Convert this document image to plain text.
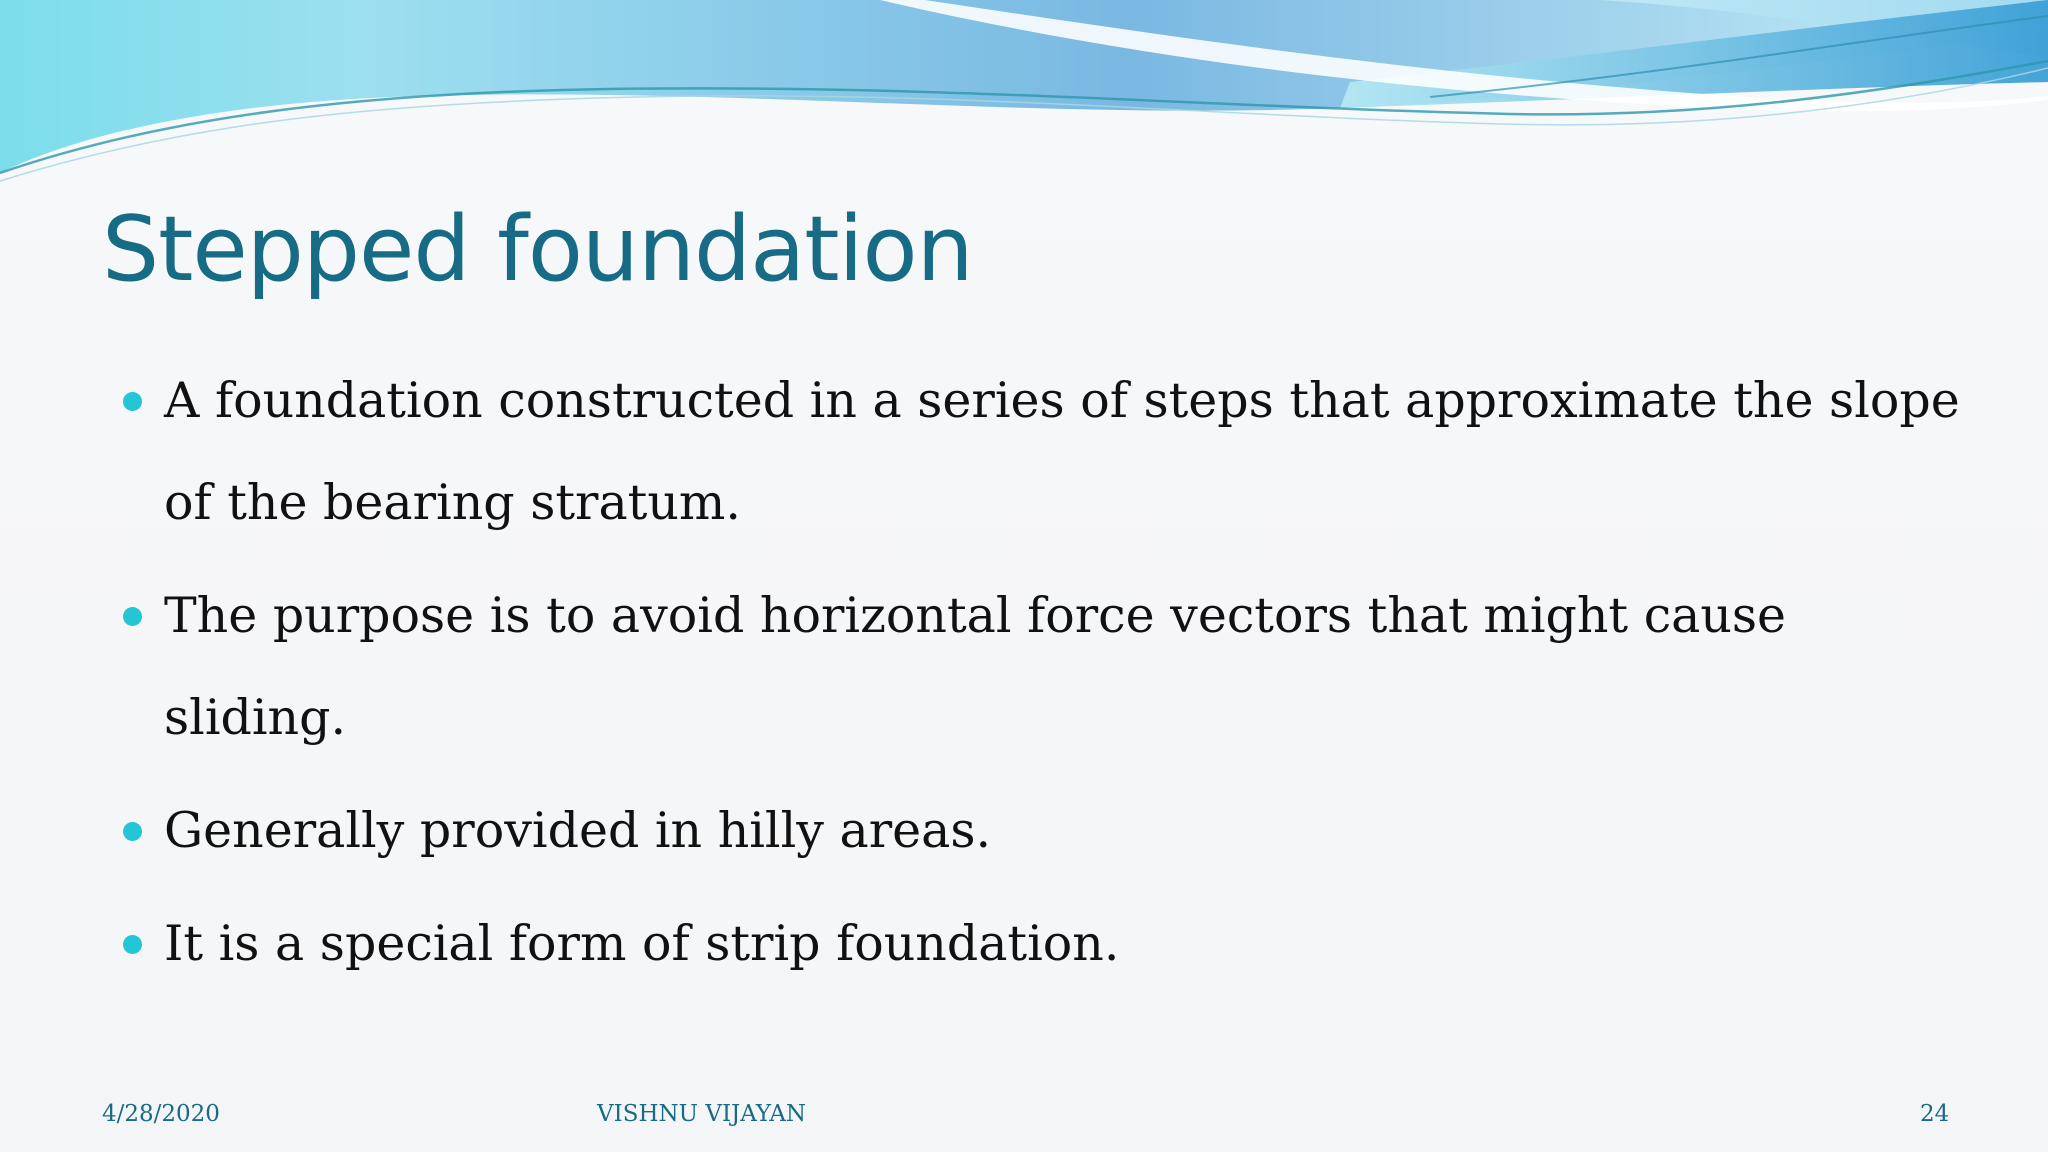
Stepped foundation
A foundation constructed in a series of steps that approximate the slope of the bearing stratum.
The purpose is to avoid horizontal force vectors that might cause sliding.
Generally provided in hilly areas.
It is a special form of strip foundation.
4/28/2020	VISHNU VIJAYAN	24
